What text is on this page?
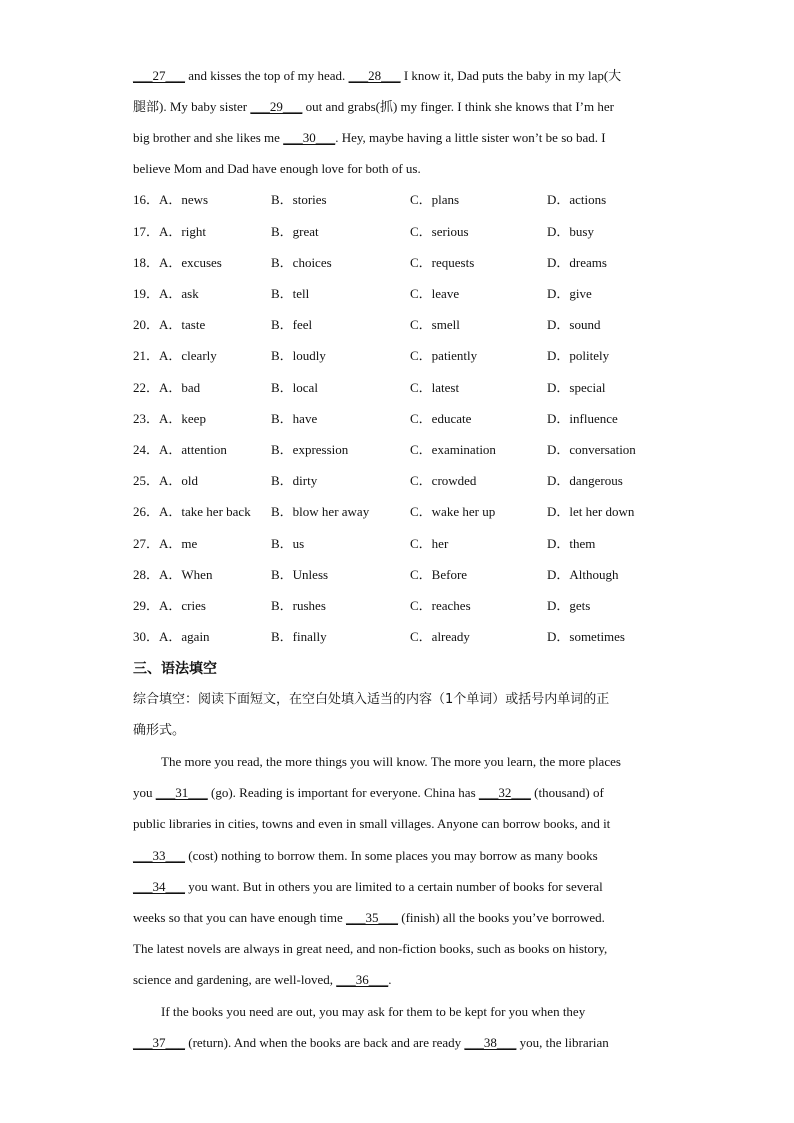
___27___ and kisses the top of my head. ___28___ I know it, Dad puts the baby in my lap(大
腿部). My baby sister ___29___ out and grabs(抓) my finger. I think she knows that I’m her
big brother and she likes me ___30___. Hey, maybe having a little sister won’t be so bad. I
believe Mom and Dad have enough love for both of us.
16．A．news	B．stories	C．plans	D．actions
17．A．right	B．great	C．serious	D．busy
18．A．excuses	B．choices	C．requests	D．dreams
19．A．ask	B．tell	C．leave	D．give
20．A．taste	B．feel	C．smell	D．sound
21．A．clearly	B．loudly	C．patiently	D．politely
22．A．bad	B．local	C．latest	D．special
23．A．keep	B．have	C．educate	D．influence
24．A．attention	B．expression	C．examination	D．conversation
25．A．old	B．dirty	C．crowded	D．dangerous
26．A．take her back B．blow her away	C．wake her up	D．let her down
27．A．me	B．us	C．her	D．them
28．A．When	B．Unless	C．Before	D．Although
29．A．cries	B．rushes	C．reaches	D．gets
30．A．again	B．finally	C．already	D．sometimes
三、语法填空
综合填空：阅读下面短文，在空白处填入适当的内容（1个单词）或括号内单词的正
确形式。
The more you read, the more things you will know. The more you learn, the more places
you ___31___ (go). Reading is important for everyone. China has ___32___ (thousand) of
public libraries in cities, towns and even in small villages. Anyone can borrow books, and it
___33___ (cost) nothing to borrow them. In some places you may borrow as many books
___34___ you want. But in others you are limited to a certain number of books for several
weeks so that you can have enough time ___35___ (finish) all the books you’ve borrowed.
The latest novels are always in great need, and non-fiction books, such as books on history,
science and gardening, are well-loved, ___36___.
If the books you need are out, you may ask for them to be kept for you when they
___37___ (return). And when the books are back and are ready ___38___ you, the librarian
